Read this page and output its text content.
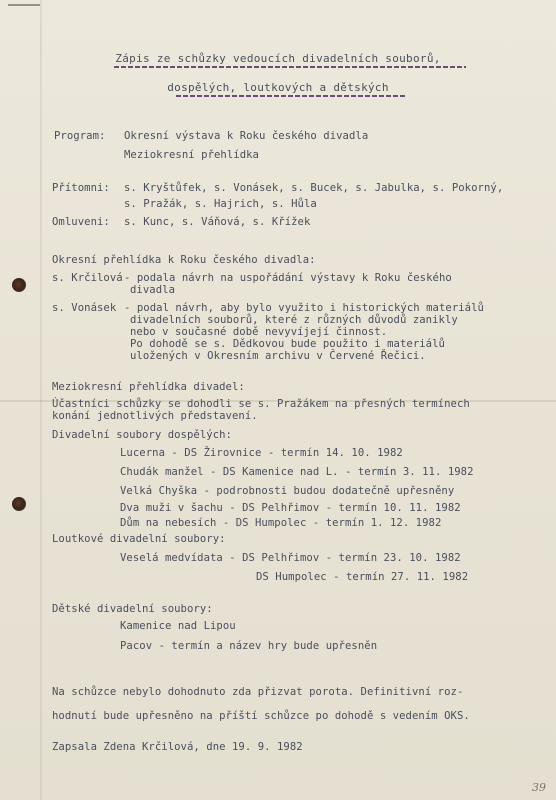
Zápis ze schůzky vedoucích divadelních souborů,
dospělých, loutkových a dětských
Program: Okresní výstava k Roku českého divadla
Meziokresní přehlídka
Přítomni: s. Kryštůfek, s. Vonásek, s. Bucek, s. Jabulka, s. Pokorný,
s. Pražák, s. Hajrich, s. Hůla
Omluveni: s. Kunc, s. Váňová, s. Křížek
Okresní přehlídka k Roku českého divadla:
s. Krčilová - podala návrh na uspořádání výstavy k Roku českého
divadla
s. Vonásek - podal návrh, aby bylo využito i historických materiálů
divadelních souborů, které z různých důvodů zanikly
nebo v současné době nevyvíjejí činnost.
Po dohodě se s. Dědkovou bude použito i materiálů
uložených v Okresním archivu v Červené Řečici.
Meziokresní přehlídka divadel:
Účastníci schůzky se dohodli se s. Pražákem na přesných termínech
konání jednotlivých představení.
Divadelní soubory dospělých:
Lucerna - DS Žirovnice - termín 14. 10. 1982
Chudák manžel - DS Kamenice nad L. - termín 3. 11. 1982
Velká Chyška - podrobnosti budou dodatečně upřesněny
Dva muži v šachu - DS Pelhřimov - termín 10. 11. 1982
Dům na nebesích - DS Humpolec - termín 1. 12. 1982
Loutkové divadelní soubory:
Veselá medvídata - DS Pelhřimov - termín 23. 10. 1982
DS Humpolec - termín 27. 11. 1982
Dětské divadelní soubory:
Kamenice nad Lipou
Pacov - termín a název hry bude upřesněn
Na schůzce nebylo dohodnuto zda přizvat porota. Definitivní roz-
hodnutí bude upřesněno na příští schůzce po dohodě s vedením OKS.
Zapsala Zdena Krčilová, dne 19. 9. 1982
39
